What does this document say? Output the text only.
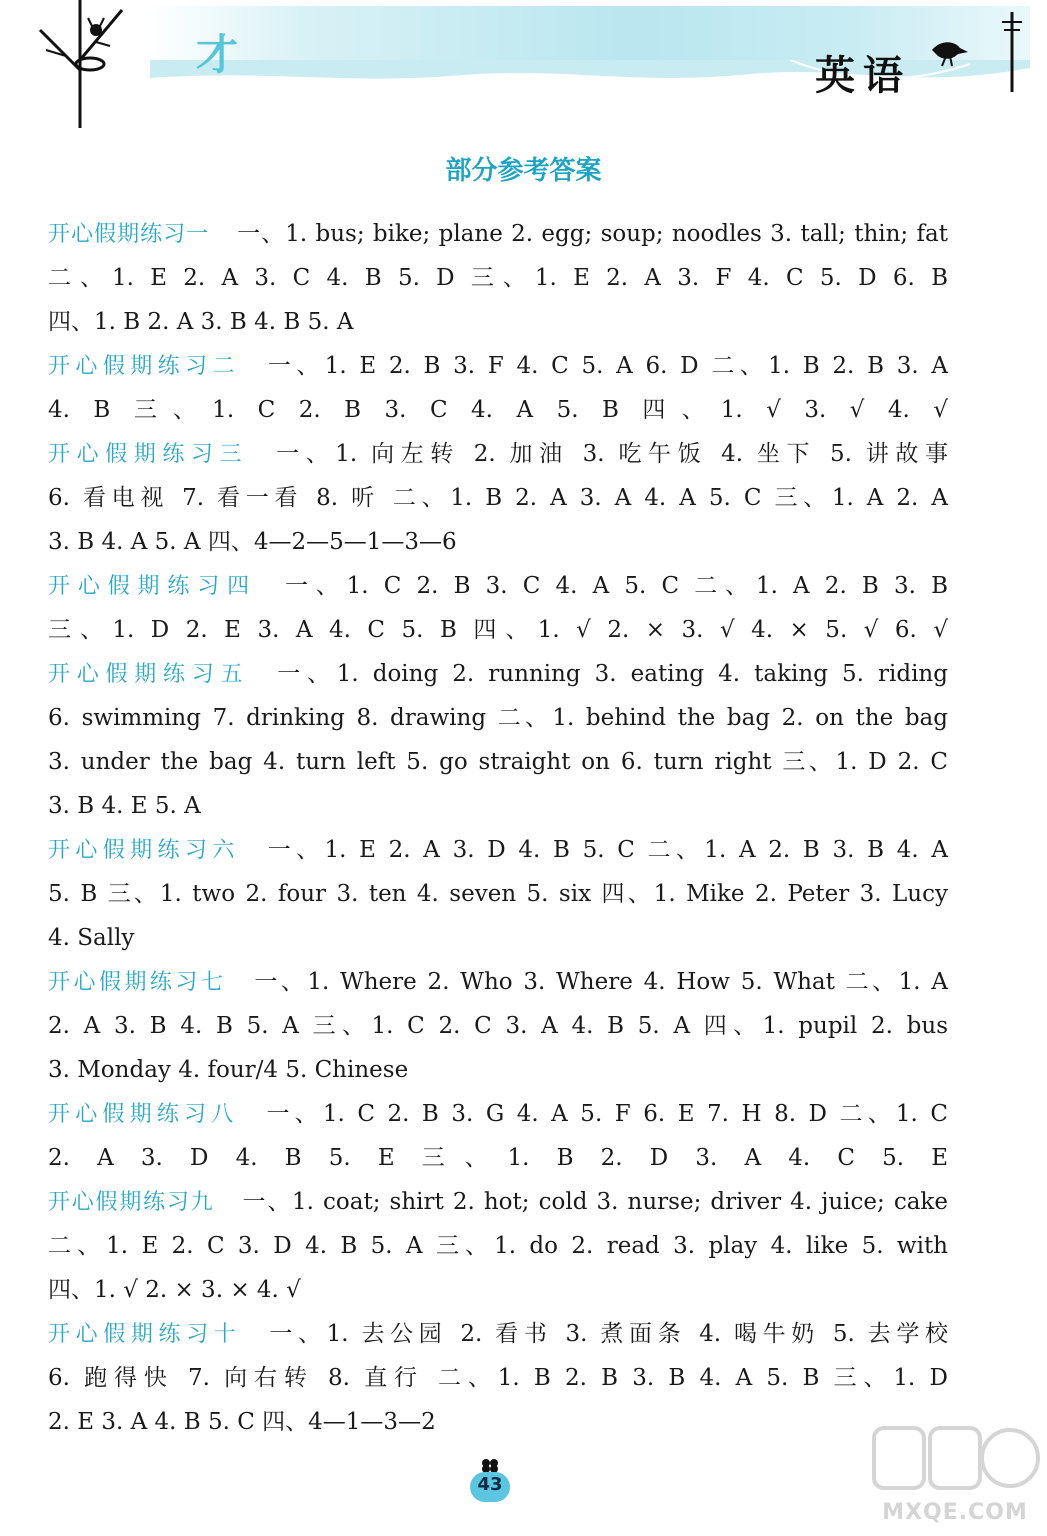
才	英语
部分参考答案
开心假期练习一 一、1. bus; bike; plane 2. egg; soup; noodles 3. tall; thin; fat
二、1. E 2. A 3. C 4. B 5. D 三、1. E 2. A 3. F 4. C 5. D 6. B
四、1. B 2. A 3. B 4. B 5. A
开心假期练习二 一、1. E 2. B 3. F 4. C 5. A 6. D 二、1. B 2. B 3. A
4. B 三、1. C 2. B 3. C 4. A 5. B 四、1. √ 3. √ 4. √
开心假期练习三 一、1. 向左转 2. 加油 3. 吃午饭 4. 坐下 5. 讲故事
6. 看电视 7. 看一看 8. 听 二、1. B 2. A 3. A 4. A 5. C 三、1. A 2. A
3. B 4. A 5. A 四、4—2—5—1—3—6
开心假期练习四 一、1. C 2. B 3. C 4. A 5. C 二、1. A 2. B 3. B
三、1. D 2. E 3. A 4. C 5. B 四、1. √ 2. × 3. √ 4. × 5. √ 6. √
开心假期练习五 一、1. doing 2. running 3. eating 4. taking 5. riding
6. swimming 7. drinking 8. drawing 二、1. behind the bag 2. on the bag
3. under the bag 4. turn left 5. go straight on 6. turn right 三、1. D 2. C
3. B 4. E 5. A
开心假期练习六 一、1. E 2. A 3. D 4. B 5. C 二、1. A 2. B 3. B 4. A
5. B 三、1. two 2. four 3. ten 4. seven 5. six 四、1. Mike 2. Peter 3. Lucy
4. Sally
开心假期练习七 一、1. Where 2. Who 3. Where 4. How 5. What 二、1. A
2. A 3. B 4. B 5. A 三、1. C 2. C 3. A 4. B 5. A 四、1. pupil 2. bus
3. Monday 4. four/4 5. Chinese
开心假期练习八 一、1. C 2. B 3. G 4. A 5. F 6. E 7. H 8. D 二、1. C
2. A 3. D 4. B 5. E 三、1. B 2. D 3. A 4. C 5. E
开心假期练习九 一、1. coat; shirt 2. hot; cold 3. nurse; driver 4. juice; cake
二、1. E 2. C 3. D 4. B 5. A 三、1. do 2. read 3. play 4. like 5. with
四、1. √ 2. × 3. × 4. √
开心假期练习十 一、1. 去公园 2. 看书 3. 煮面条 4. 喝牛奶 5. 去学校
6. 跑得快 7. 向右转 8. 直行 二、1. B 2. B 3. B 4. A 5. B 三、1. D
2. E 3. A 4. B 5. C 四、4—1—3—2
43
MXQE.COM
